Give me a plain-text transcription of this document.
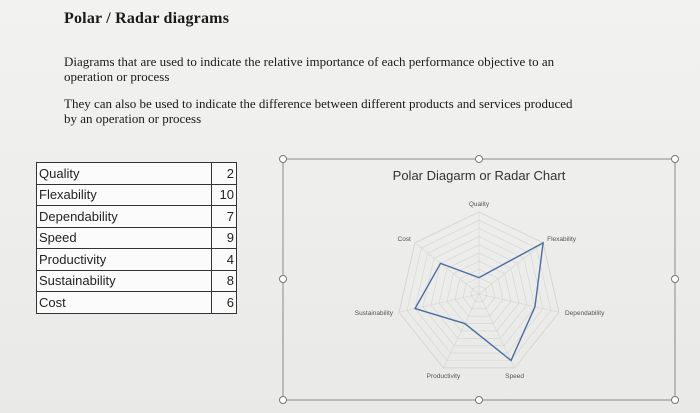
Polar / Radar diagrams
Diagrams that are used to indicate the relative importance of each performance objective to an operation or process
They can also be used to indicate the difference between different products and services produced by an operation or process
Quality	2
Flexability	10
Dependability	7
Speed	9
Productivity	4
Sustainability	8
Cost	6
Polar Diagarm or Radar Chart
Quality
Flexability
Dependability
Speed
Productivity
Sustainability
Cost
